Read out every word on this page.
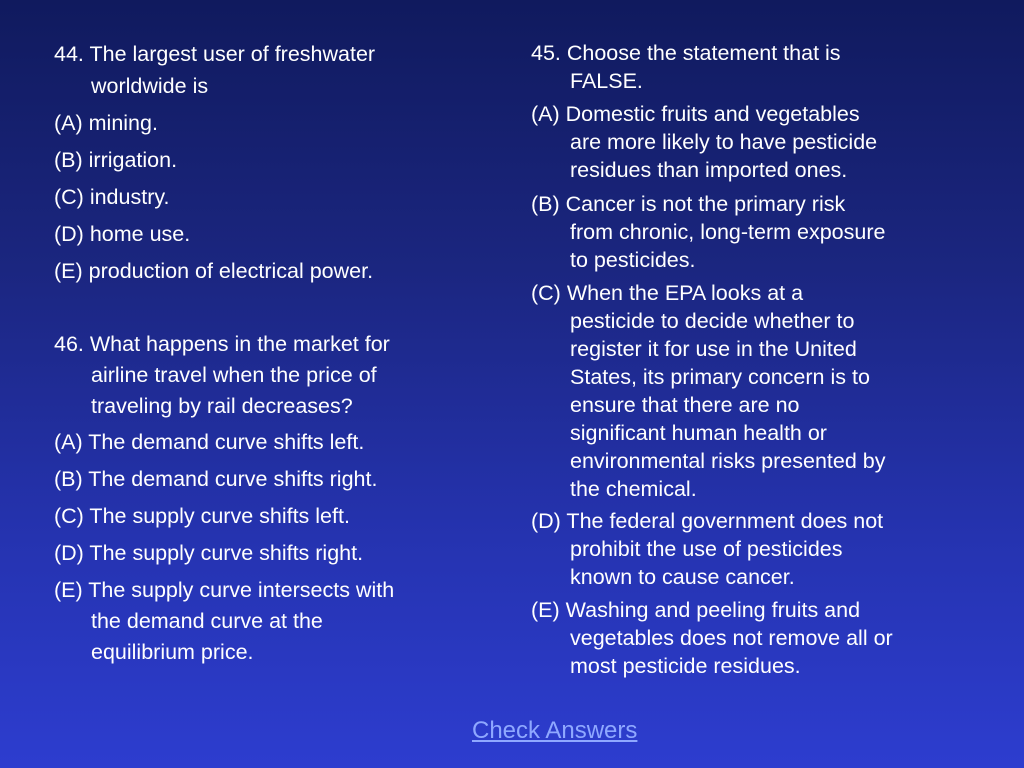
44. The largest user of freshwater
worldwide is
(A) mining.
(B) irrigation.
(C) industry.
(D) home use.
(E) production of electrical power.
46. What happens in the market for
airline travel when the price of
traveling by rail decreases?
(A) The demand curve shifts left.
(B) The demand curve shifts right.
(C) The supply curve shifts left.
(D) The supply curve shifts right.
(E) The supply curve intersects with
the demand curve at the
equilibrium price.
45. Choose the statement that is
FALSE.
(A) Domestic fruits and vegetables
are more likely to have pesticide
residues than imported ones.
(B) Cancer is not the primary risk
from chronic, long-term exposure
to pesticides.
(C) When the EPA looks at a
pesticide to decide whether to
register it for use in the United
States, its primary concern is to
ensure that there are no
significant human health or
environmental risks presented by
the chemical.
(D) The federal government does not
prohibit the use of pesticides
known to cause cancer.
(E) Washing and peeling fruits and
vegetables does not remove all or
most pesticide residues.
Check Answers
